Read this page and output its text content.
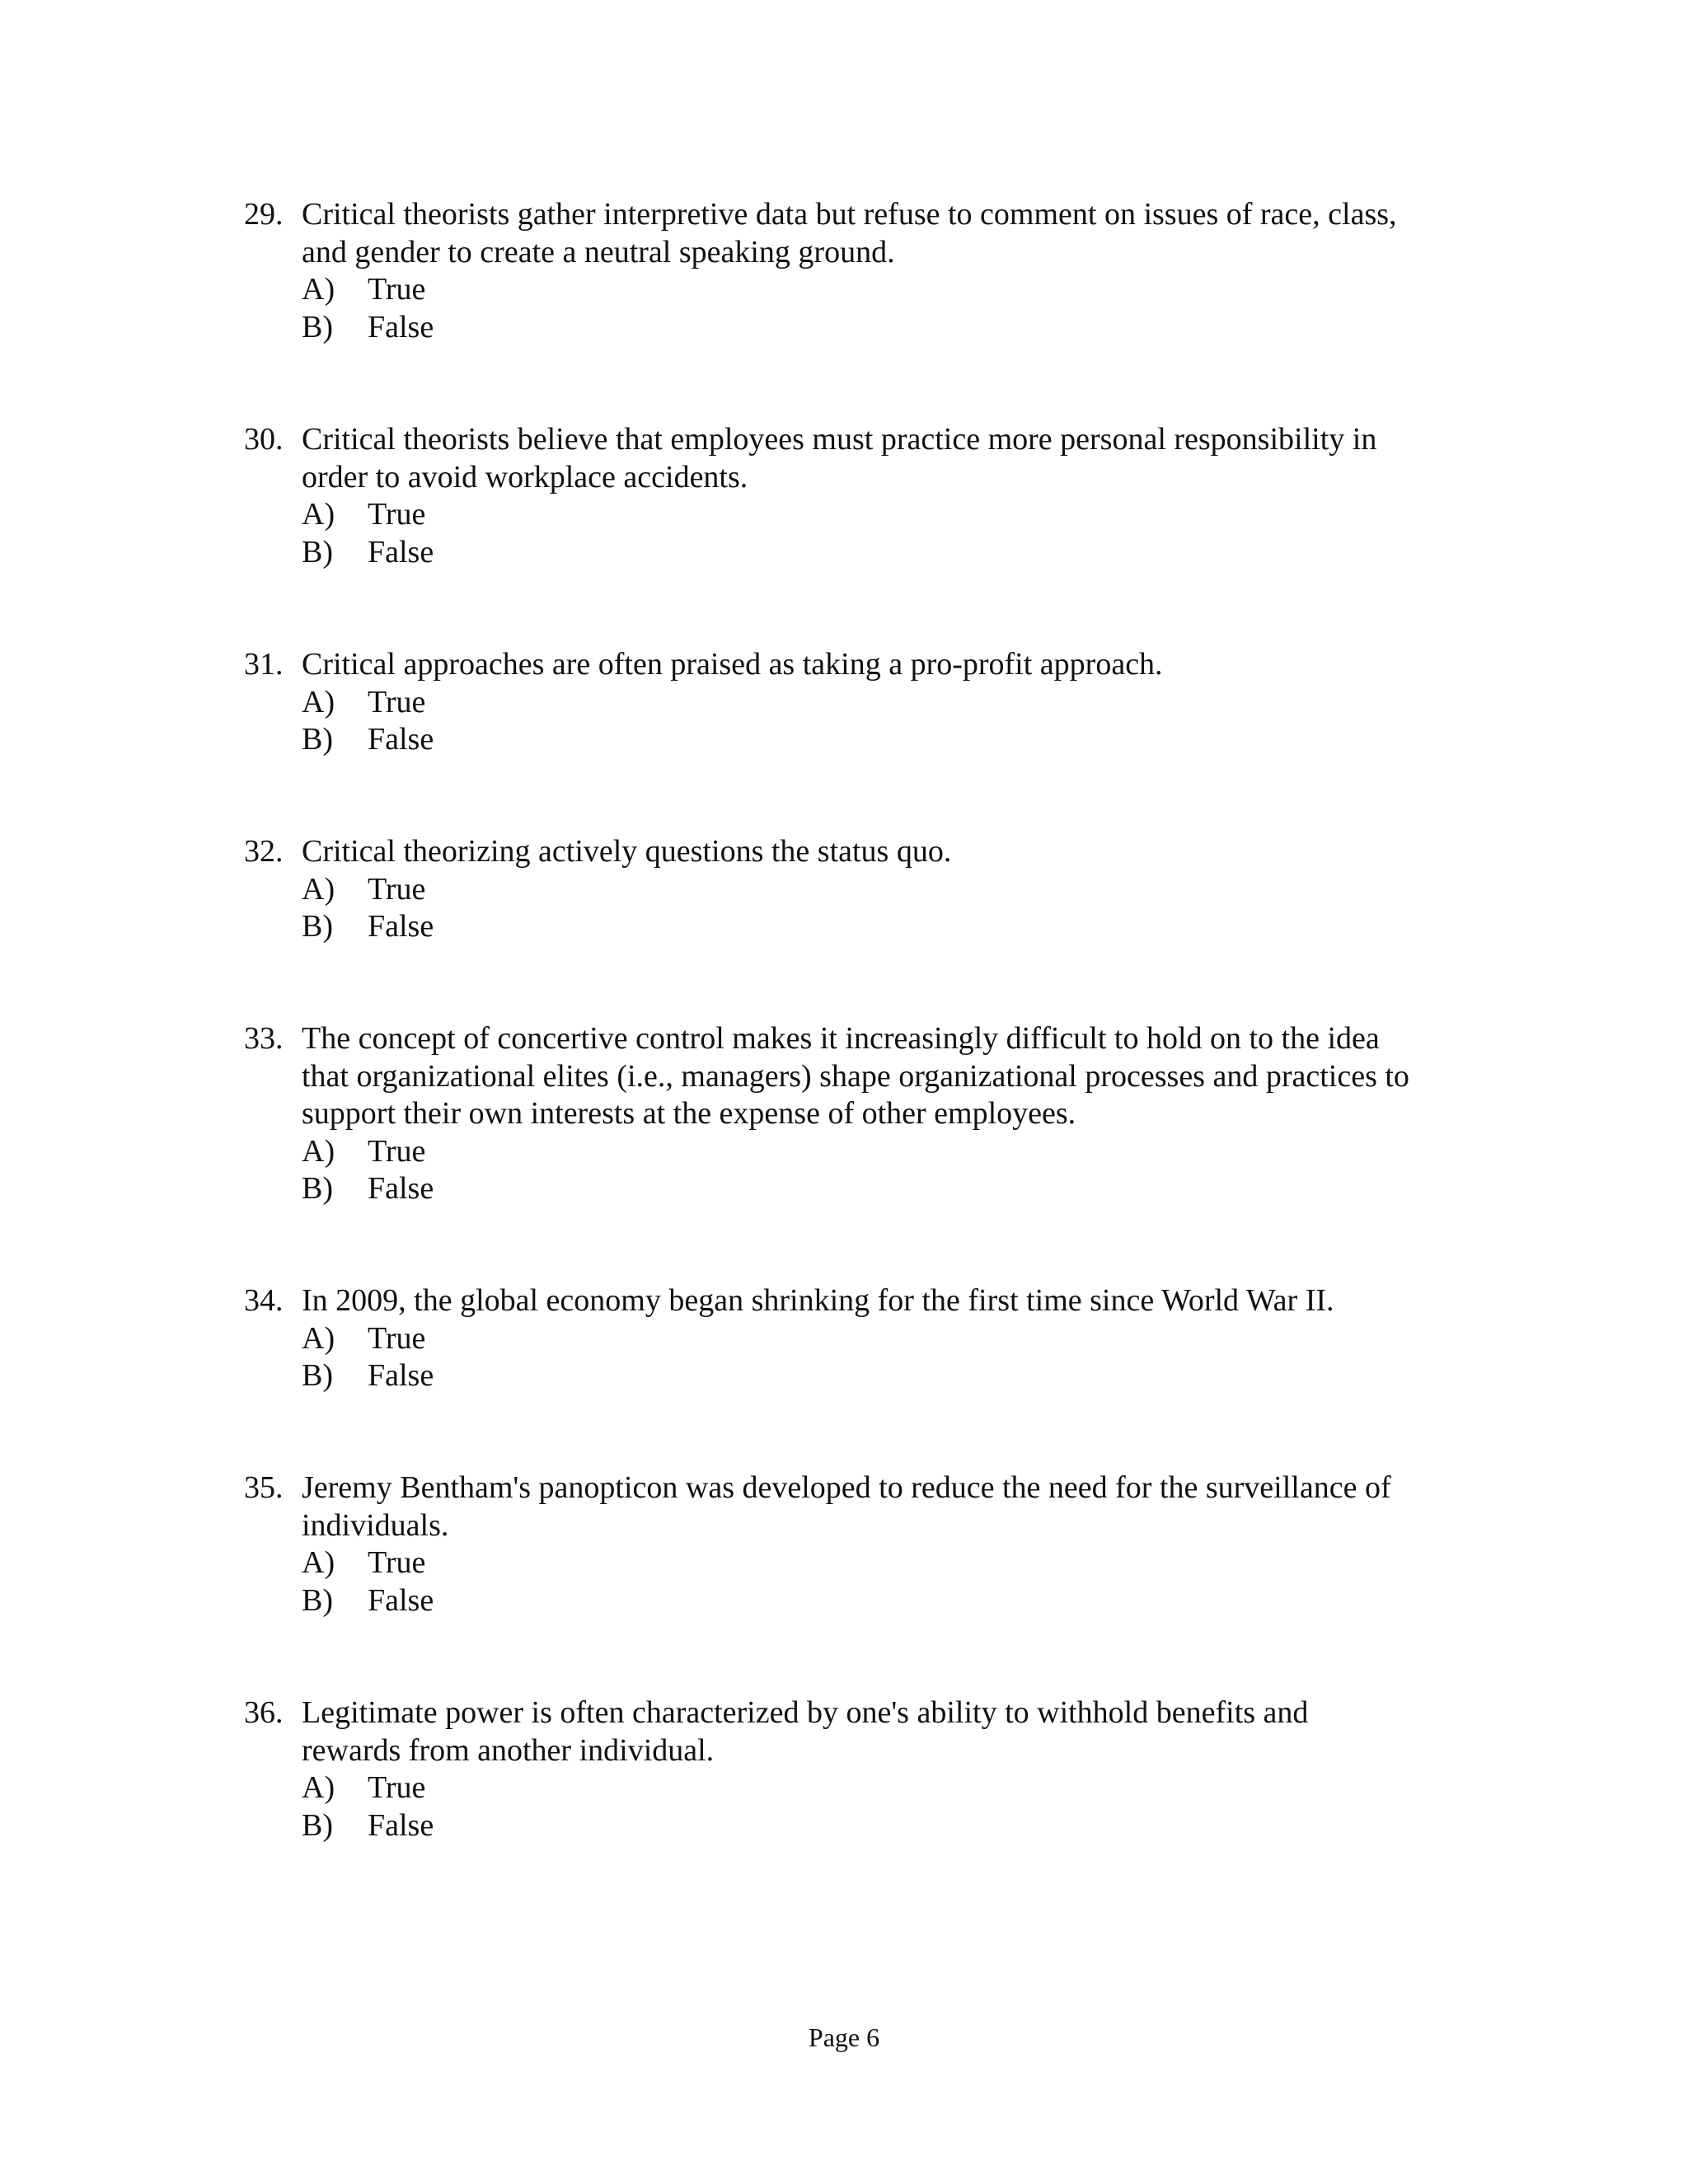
29. Critical theorists gather interpretive data but refuse to comment on issues of race, class,
and gender to create a neutral speaking ground.
A) True
B) False
30. Critical theorists believe that employees must practice more personal responsibility in
order to avoid workplace accidents.
A) True
B) False
31. Critical approaches are often praised as taking a pro-profit approach.
A) True
B) False
32. Critical theorizing actively questions the status quo.
A) True
B) False
33. The concept of concertive control makes it increasingly difficult to hold on to the idea
that organizational elites (i.e., managers) shape organizational processes and practices to
support their own interests at the expense of other employees.
A) True
B) False
34. In 2009, the global economy began shrinking for the first time since World War II.
A) True
B) False
35. Jeremy Bentham's panopticon was developed to reduce the need for the surveillance of
individuals.
A) True
B) False
36. Legitimate power is often characterized by one's ability to withhold benefits and
rewards from another individual.
A) True
B) False
Page 6
